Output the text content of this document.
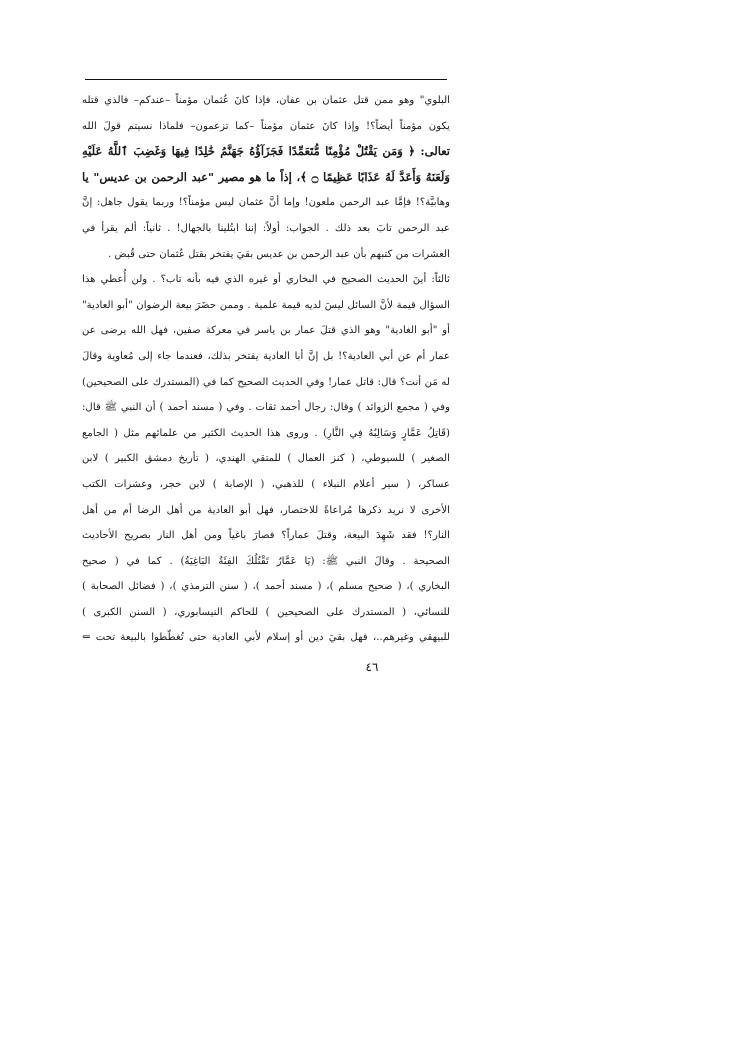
البلوي" وهو ممن قتل عثمان بن عفان، فإذا كانَ عُثمان مؤمناً –عندكم– فالذي قتله
يكون مؤمناً أيضاً؟! وإذا كانَ عثمان مؤمناً –كما تزعمون– فلماذا نسيتم قولَ الله
تعالى: ﴿ وَمَن يَقْتُلْ مُؤْمِنًا مُّتَعَمِّدًا فَجَزَآؤُهُ جَهَنَّمُ خَٰلِدًا فِيهَا وَغَضِبَ ٱللَّهُ عَلَيْهِ
وَلَعَنَهُ وَأَعَدَّ لَهُ عَذَابًا عَظِيمًا ۝ ﴾، إذاً ما هو مصير "عبد الرحمن بن عديس" يا
وهابيَّة؟! فإمَّا عبد الرحمن ملعون! وإما أنَّ عثمان ليس مؤمناً؟! وربما يقول جاهل: إنَّ
عبد الرحمن تابَ بعد ذلك . الجواب: أولاً: إننا ابتُلينا بالجهال! . ثانياً: ألم يقرأ في
العشرات من كتبهم بأن عبد الرحمن بن عديس بقيَ يفتخر بقتل عُثمان حتى قُبض .
ثالثاً: أينَ الحديث الصحيح في البخاري أو غيره الذي فيه بأنه تاب؟ . ولن أُعطي هذا
السؤال قيمة لأنَّ السائل ليسَ لديه قيمة علمية . وممن حضَرَ بيعة الرضوان "أبو العادية"
أو "أبو الغادية" وهو الذي قتلَ عمار بن ياسر في معركة صفين، فهل الله يرضى عن
عمار أم عن أبي العادية؟! بل إنَّ أبا العادية يفتخر بذلك، فعندما جاء إلى مُعاوية وقالَ
له مَن أنت؟ قال: قاتل عمار! وفي الحديث الصحيح كما في (المستدرك على الصحيحين)
وفي ( مجمع الزوائد ) وقال: رجال أحمد ثقات . وفي ( مسند أحمد ) أن النبي ﷺ قال:
(قَاتِلُ عَمَّارٍ وَسَالِبُهُ فِي النَّارِ) . وروى هذا الحديث الكثير من علمائهم مثل ( الجامع
الصغير ) للسيوطي، ( كنز العمال ) للمتقي الهندي، ( تأريخ دمشق الكبير ) لابن
عساكر، ( سير أعلام النبلاء ) للذهبي، ( الإصابة ) لابن حجر، وعشرات الكتب
الأخرى لا نريد ذكرها مُراعاةً للاختصار، فهل أبو العادية من أهل الرضا أم من أهل
النار؟! فقد شَهِدَ البيعة، وقتلَ عماراً؟ فصارَ باغياً ومن أهل النار بصريح الأحاديث
الصحيحة . وقالَ النبي ﷺ: (يَا عَمَّارُ تَقْتُلُكَ الفِئَةُ البَاغِيَةُ) . كما في ( صحيح
البخاري )، ( صحيح مسلم )، ( مسند أحمد )، ( سنن الترمذي )، ( فضائل الصحابة )
للنسائي، ( المستدرك على الصحيحين ) للحاكم النيسابوري، ( السنن الكبرى )
للبيهقي وغيرهم..، فهل بقيَ دين أو إسلام لأبي العادية حتى تُغطّطوا بالبيعة تحت ⇐
٤٦
